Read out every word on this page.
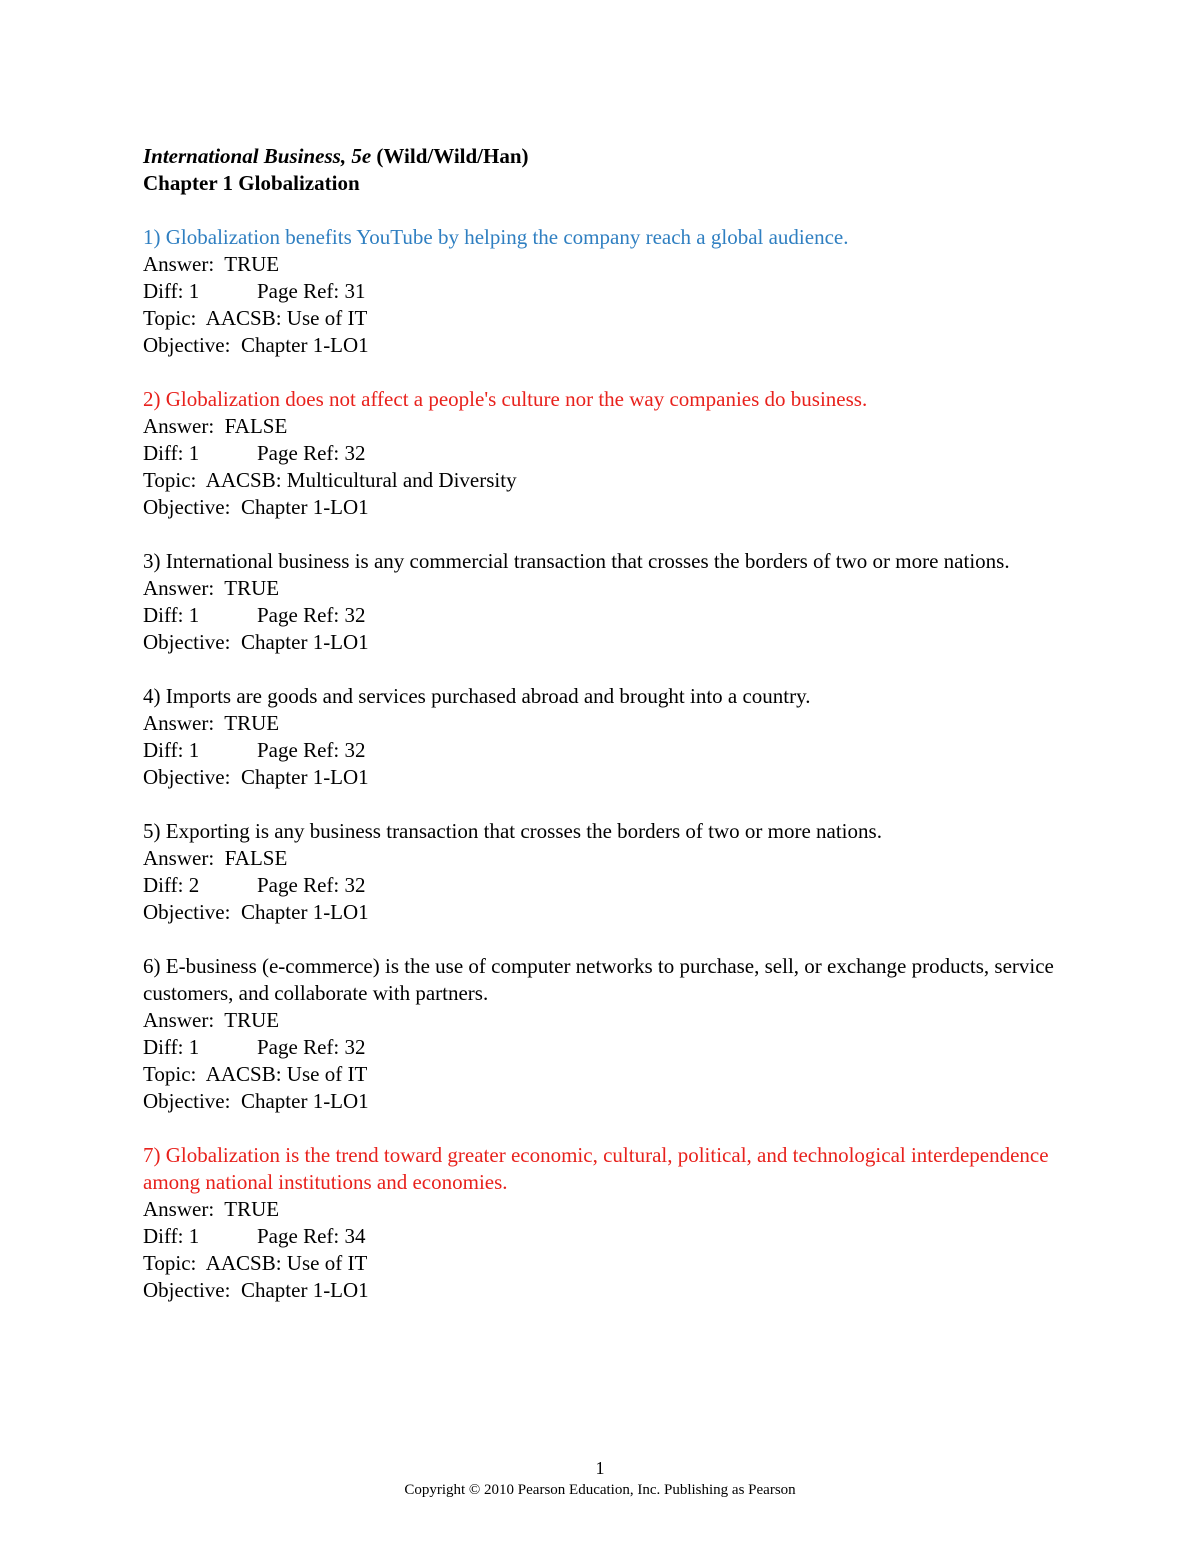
International Business, 5e (Wild/Wild/Han)
Chapter 1 Globalization
1) Globalization benefits YouTube by helping the company reach a global audience.
Answer:  TRUE
Diff: 1	Page Ref: 31
Topic:  AACSB: Use of IT
Objective:  Chapter 1-LO1
2) Globalization does not affect a people's culture nor the way companies do business.
Answer:  FALSE
Diff: 1	Page Ref: 32
Topic:  AACSB: Multicultural and Diversity
Objective:  Chapter 1-LO1
3) International business is any commercial transaction that crosses the borders of two or more nations.
Answer:  TRUE
Diff: 1	Page Ref: 32
Objective:  Chapter 1-LO1
4) Imports are goods and services purchased abroad and brought into a country.
Answer:  TRUE
Diff: 1	Page Ref: 32
Objective:  Chapter 1-LO1
5) Exporting is any business transaction that crosses the borders of two or more nations.
Answer:  FALSE
Diff: 2	Page Ref: 32
Objective:  Chapter 1-LO1
6) E-business (e-commerce) is the use of computer networks to purchase, sell, or exchange products, service customers, and collaborate with partners.
Answer:  TRUE
Diff: 1	Page Ref: 32
Topic:  AACSB: Use of IT
Objective:  Chapter 1-LO1
7) Globalization is the trend toward greater economic, cultural, political, and technological interdependence among national institutions and economies.
Answer:  TRUE
Diff: 1	Page Ref: 34
Topic:  AACSB: Use of IT
Objective:  Chapter 1-LO1
1
Copyright © 2010 Pearson Education, Inc. Publishing as Pearson
